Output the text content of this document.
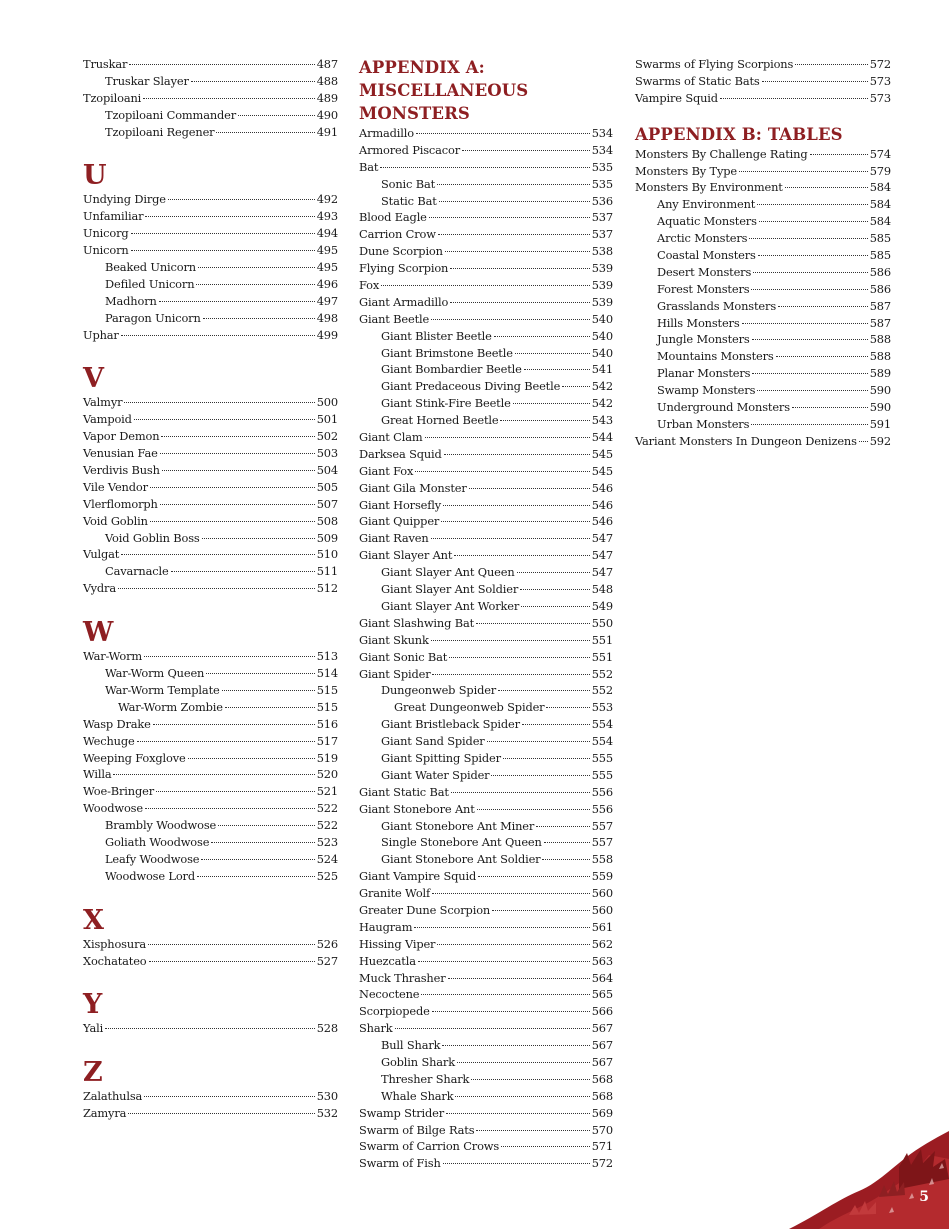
Truskar	487
Truskar Slayer	488
Tzopiloani	489
Tzopiloani Commander	490
Tzopiloani Regener	491
U
Undying Dirge	492
Unfamiliar	493
Unicorg	494
Unicorn	495
Beaked Unicorn	495
Defiled Unicorn	496
Madhorn	497
Paragon Unicorn	498
Uphar	499
V
Valmyr	500
Vampoid	501
Vapor Demon	502
Venusian Fae	503
Verdivis Bush	504
Vile Vendor	505
Vlerflomorph	507
Void Goblin	508
Void Goblin Boss	509
Vulgat	510
Cavarnacle	511
Vydra	512
W
War-Worm	513
War-Worm Queen	514
War-Worm Template	515
War-Worm Zombie	515
Wasp Drake	516
Wechuge	517
Weeping Foxglove	519
Willa	520
Woe-Bringer	521
Woodwose	522
Brambly Woodwose	522
Goliath Woodwose	523
Leafy Woodwose	524
Woodwose Lord	525
X
Xisphosura	526
Xochatateo	527
Y
Yali	528
Z
Zalathulsa	530
Zamyra	532
APPENDIX A:
MISCELLANEOUS MONSTERS
Armadillo	534
Armored Piscacor	534
Bat	535
Sonic Bat	535
Static Bat	536
Blood Eagle	537
Carrion Crow	537
Dune Scorpion	538
Flying Scorpion	539
Fox	539
Giant Armadillo	539
Giant Beetle	540
Giant Blister Beetle	540
Giant Brimstone Beetle	540
Giant Bombardier Beetle	541
Giant Predaceous Diving Beetle	542
Giant Stink-Fire Beetle	542
Great Horned Beetle	543
Giant Clam	544
Darksea Squid	545
Giant Fox	545
Giant Gila Monster	546
Giant Horsefly	546
Giant Quipper	546
Giant Raven	547
Giant Slayer Ant	547
Giant Slayer Ant Queen	547
Giant Slayer Ant Soldier	548
Giant Slayer Ant Worker	549
Giant Slashwing Bat	550
Giant Skunk	551
Giant Sonic Bat	551
Giant Spider	552
Dungeonweb Spider	552
Great Dungeonweb Spider	553
Giant Bristleback Spider	554
Giant Sand Spider	554
Giant Spitting Spider	555
Giant Water Spider	555
Giant Static Bat	556
Giant Stonebore Ant	556
Giant Stonebore Ant Miner	557
Single Stonebore Ant Queen	557
Giant Stonebore Ant Soldier	558
Giant Vampire Squid	559
Granite Wolf	560
Greater Dune Scorpion	560
Haugram	561
Hissing Viper	562
Huezcatla	563
Muck Thrasher	564
Necoctene	565
Scorpiopede	566
Shark	567
Bull Shark	567
Goblin Shark	567
Thresher Shark	568
Whale Shark	568
Swamp Strider	569
Swarm of Bilge Rats	570
Swarm of Carrion Crows	571
Swarm of Fish	572
Swarms of Flying Scorpions	572
Swarms of Static Bats	573
Vampire Squid	573
APPENDIX B: TABLES
Monsters By Challenge Rating	574
Monsters By Type	579
Monsters By Environment	584
Any Environment	584
Aquatic Monsters	584
Arctic Monsters	585
Coastal Monsters	585
Desert Monsters	586
Forest Monsters	586
Grasslands Monsters	587
Hills Monsters	587
Jungle Monsters	588
Mountains Monsters	588
Planar Monsters	589
Swamp Monsters	590
Underground Monsters	590
Urban Monsters	591
Variant Monsters In Dungeon Denizens 592
5
